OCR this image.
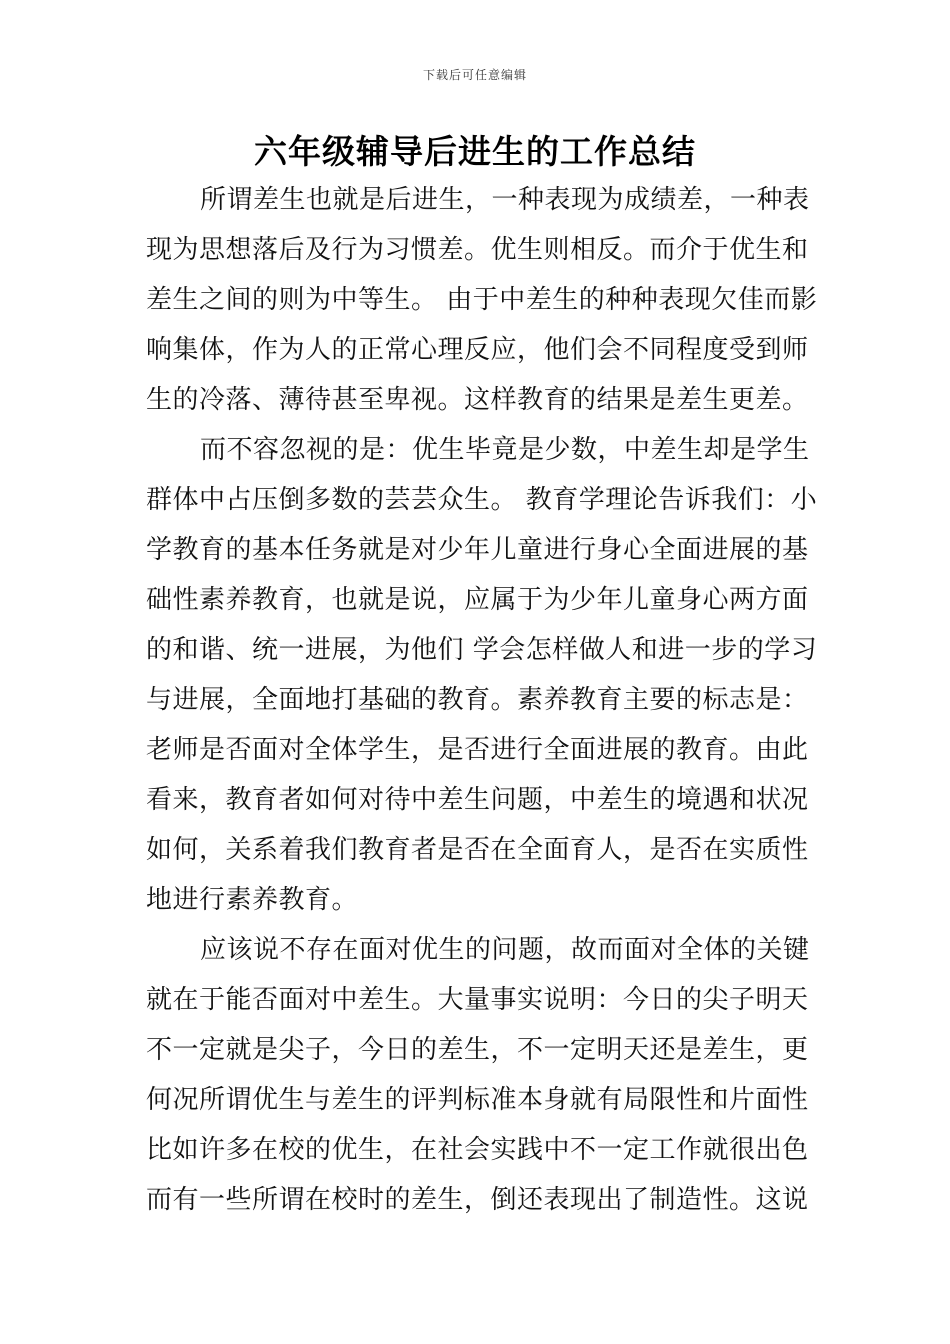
下载后可任意编辑
六年级辅导后进生的工作总结
所谓差生也就是后进生，一种表现为成绩差，一种表
现为思想落后及行为习惯差。优生则相反。而介于优生和
差生之间的则为中等生。 由于中差生的种种表现欠佳而影
响集体，作为人的正常心理反应，他们会不同程度受到师
生的冷落、薄待甚至卑视。这样教育的结果是差生更差。
而不容忽视的是：优生毕竟是少数，中差生却是学生
群体中占压倒多数的芸芸众生。 教育学理论告诉我们：小
学教育的基本任务就是对少年儿童进行身心全面进展的基
础性素养教育，也就是说，应属于为少年儿童身心两方面
的和谐、统一进展，为他们 学会怎样做人和进一步的学习
与进展，全面地打基础的教育。素养教育主要的标志是：
老师是否面对全体学生，是否进行全面进展的教育。由此
看来，教育者如何对待中差生问题，中差生的境遇和状况
如何，关系着我们教育者是否在全面育人，是否在实质性
地进行素养教育。
应该说不存在面对优生的问题，故而面对全体的关键
就在于能否面对中差生。大量事实说明：今日的尖子明天
不一定就是尖子，今日的差生，不一定明天还是差生，更
何况所谓优生与差生的评判标准本身就有局限性和片面性
比如许多在校的优生，在社会实践中不一定工作就很出色
而有一些所谓在校时的差生，倒还表现出了制造性。这说
